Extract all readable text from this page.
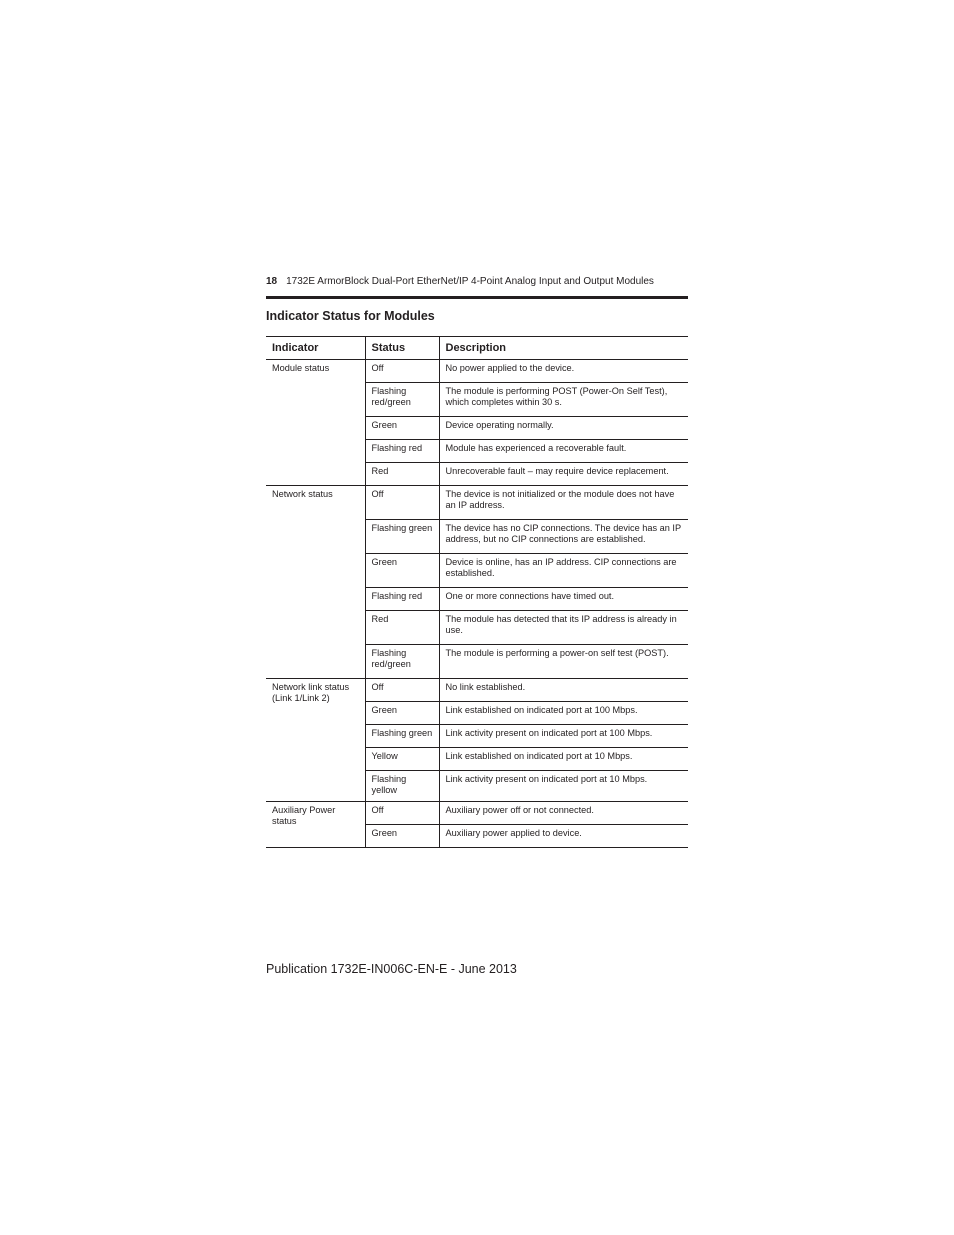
18 1732E ArmorBlock Dual-Port EtherNet/IP 4-Point Analog Input and Output Modules
Indicator Status for Modules
Indicator	Status	Description
Module status	Off	No power applied to the device.
	Flashing red/green	The module is performing POST (Power-On Self Test), which completes within 30 s.
	Green	Device operating normally.
	Flashing red	Module has experienced a recoverable fault.
	Red	Unrecoverable fault – may require device replacement.
Network status	Off	The device is not initialized or the module does not have an IP address.
	Flashing green	The device has no CIP connections. The device has an IP address, but no CIP connections are established.
	Green	Device is online, has an IP address. CIP connections are established.
	Flashing red	One or more connections have timed out.
	Red	The module has detected that its IP address is already in use.
	Flashing red/green	The module is performing a power-on self test (POST).
Network link status (Link 1/Link 2)	Off	No link established.
	Green	Link established on indicated port at 100 Mbps.
	Flashing green	Link activity present on indicated port at 100 Mbps.
	Yellow	Link established on indicated port at 10 Mbps.
	Flashing yellow	Link activity present on indicated port at 10 Mbps.
Auxiliary Power status	Off	Auxiliary power off or not connected.
	Green	Auxiliary power applied to device.
Publication 1732E-IN006C-EN-E - June 2013
